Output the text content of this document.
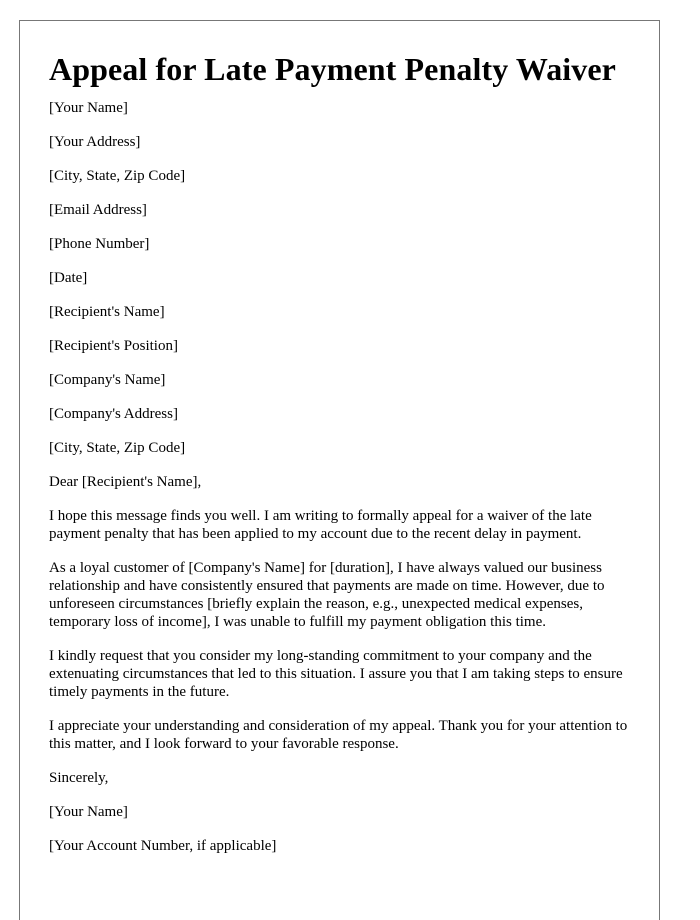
Appeal for Late Payment Penalty Waiver

[Your Name]

[Your Address]

[City, State, Zip Code]

[Email Address]

[Phone Number]

[Date]

[Recipient's Name]

[Recipient's Position]

[Company's Name]

[Company's Address]

[City, State, Zip Code]

Dear [Recipient's Name],

I hope this message finds you well. I am writing to formally appeal for a waiver of the late payment penalty that has been applied to my account due to the recent delay in payment.

As a loyal customer of [Company's Name] for [duration], I have always valued our business relationship and have consistently ensured that payments are made on time. However, due to unforeseen circumstances [briefly explain the reason, e.g., unexpected medical expenses, temporary loss of income], I was unable to fulfill my payment obligation this time.

I kindly request that you consider my long-standing commitment to your company and the extenuating circumstances that led to this situation. I assure you that I am taking steps to ensure timely payments in the future.

I appreciate your understanding and consideration of my appeal. Thank you for your attention to this matter, and I look forward to your favorable response.

Sincerely,

[Your Name]

[Your Account Number, if applicable]
